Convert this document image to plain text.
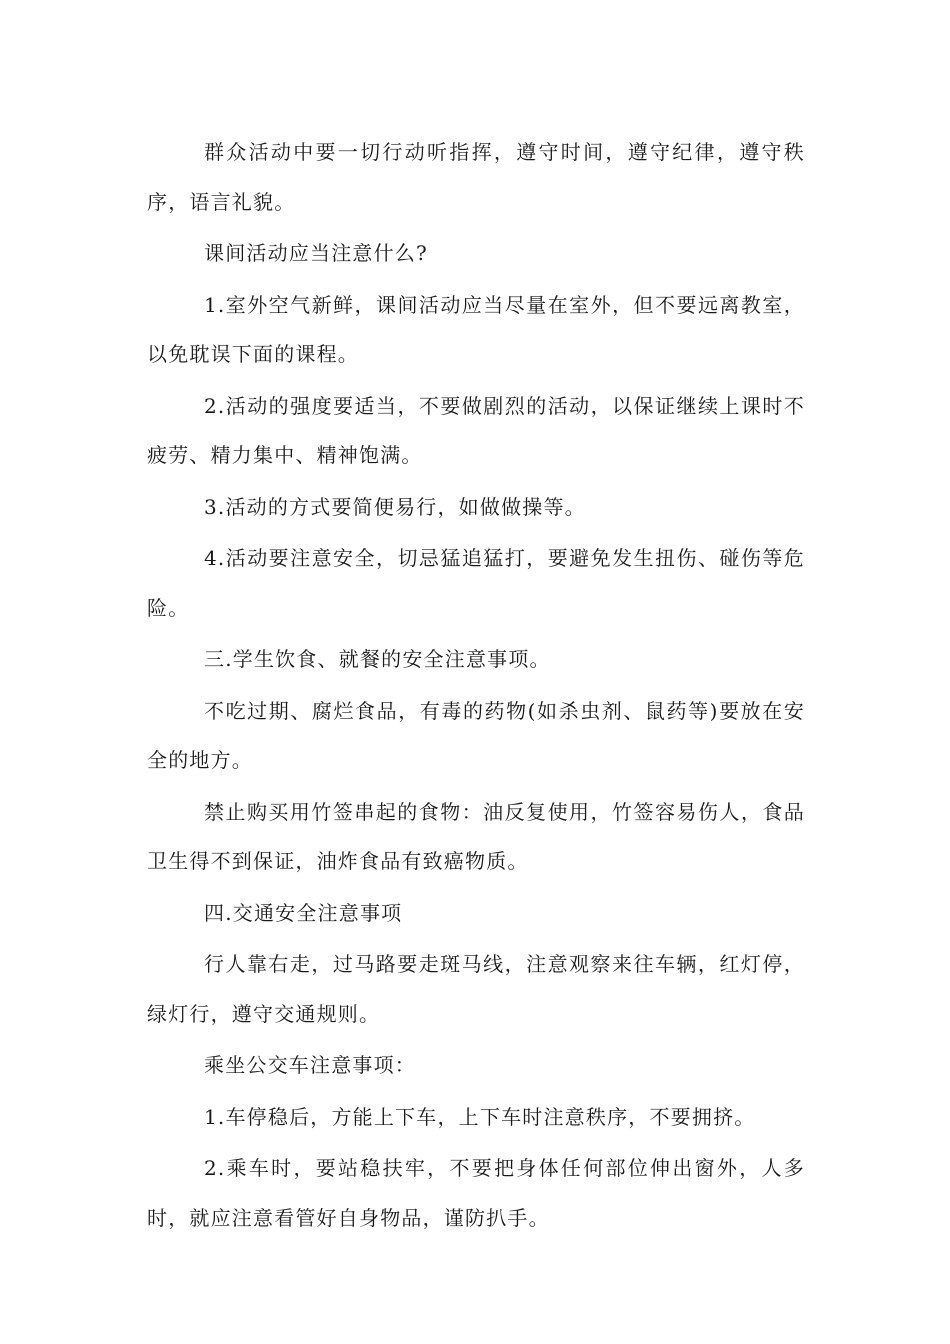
群众活动中要一切行动听指挥，遵守时间，遵守纪律，遵守秩序，语言礼貌。

课间活动应当注意什么?

1.室外空气新鲜，课间活动应当尽量在室外，但不要远离教室，以免耽误下面的课程。

2.活动的强度要适当，不要做剧烈的活动，以保证继续上课时不疲劳、精力集中、精神饱满。

3.活动的方式要简便易行，如做做操等。

4.活动要注意安全，切忌猛追猛打，要避免发生扭伤、碰伤等危险。

三.学生饮食、就餐的安全注意事项。

不吃过期、腐烂食品，有毒的药物(如杀虫剂、鼠药等)要放在安全的地方。

禁止购买用竹签串起的食物：油反复使用，竹签容易伤人，食品卫生得不到保证，油炸食品有致癌物质。

四.交通安全注意事项

行人靠右走，过马路要走斑马线，注意观察来往车辆，红灯停，绿灯行，遵守交通规则。

乘坐公交车注意事项：

1.车停稳后，方能上下车，上下车时注意秩序，不要拥挤。

2.乘车时，要站稳扶牢，不要把身体任何部位伸出窗外，人多时，就应注意看管好自身物品，谨防扒手。
